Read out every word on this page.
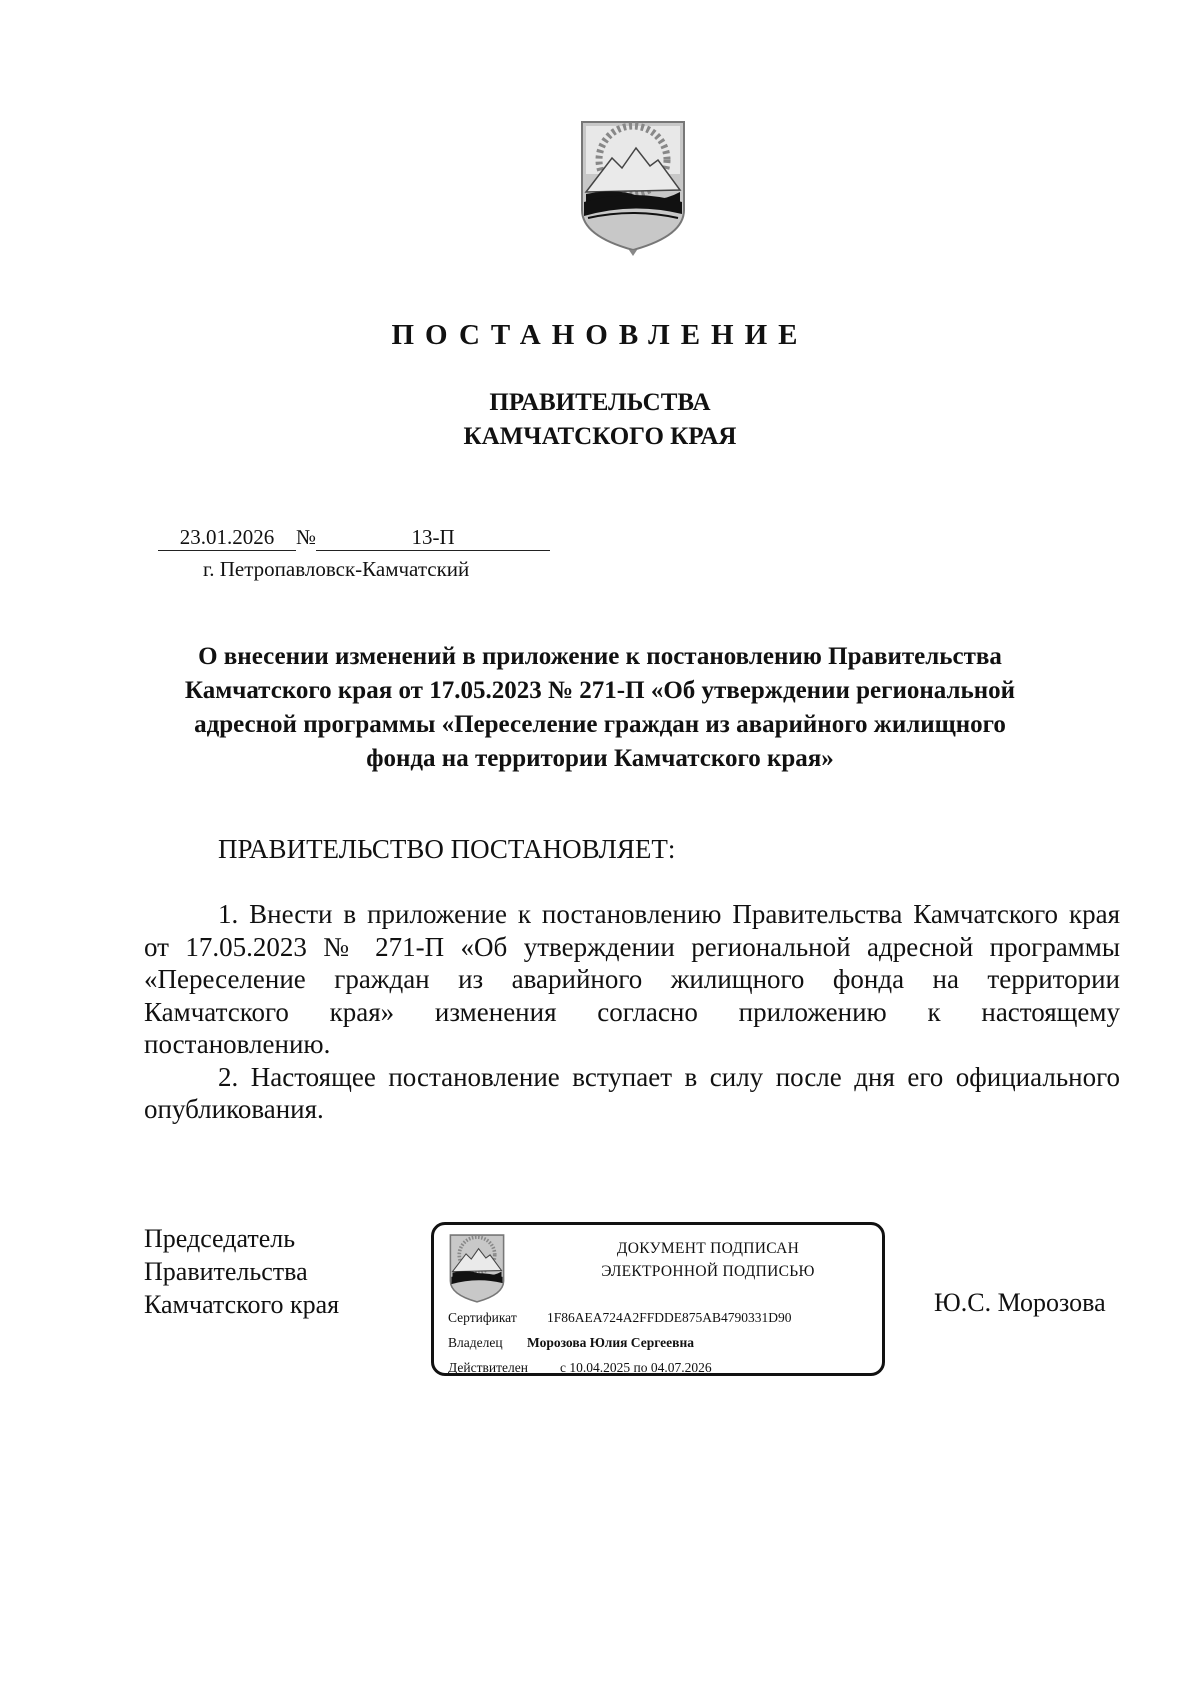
ПОСТАНОВЛЕНИЕ
ПРАВИТЕЛЬСТВА
КАМЧАТСКОГО КРАЯ
23.01.2026 №	13-П
г. Петропавловск-Камчатский
О внесении изменений в приложение к постановлению Правительства
Камчатского края от 17.05.2023 № 271-П «Об утверждении региональной
адресной программы «Переселение граждан из аварийного жилищного
фонда на территории Камчатского края»
ПРАВИТЕЛЬСТВО ПОСТАНОВЛЯЕТ:
1. Внести в приложение к постановлению Правительства Камчатского края
от 17.05.2023 № 271-П «Об утверждении региональной адресной программы
«Переселение граждан из аварийного жилищного фонда на территории
Камчатского края» изменения согласно приложению к настоящему
постановлению.
2. Настоящее постановление вступает в силу после дня его официального
опубликования.
Председатель
Правительства
Камчатского края
ДОКУМЕНТ ПОДПИСАН
ЭЛЕКТРОННОЙ ПОДПИСЬЮ
Сертификат 1F86AEA724A2FFDDE875AB4790331D90
Владелец Морозова Юлия Сергеевна
Действителен с 10.04.2025 по 04.07.2026
Ю.С. Морозова
